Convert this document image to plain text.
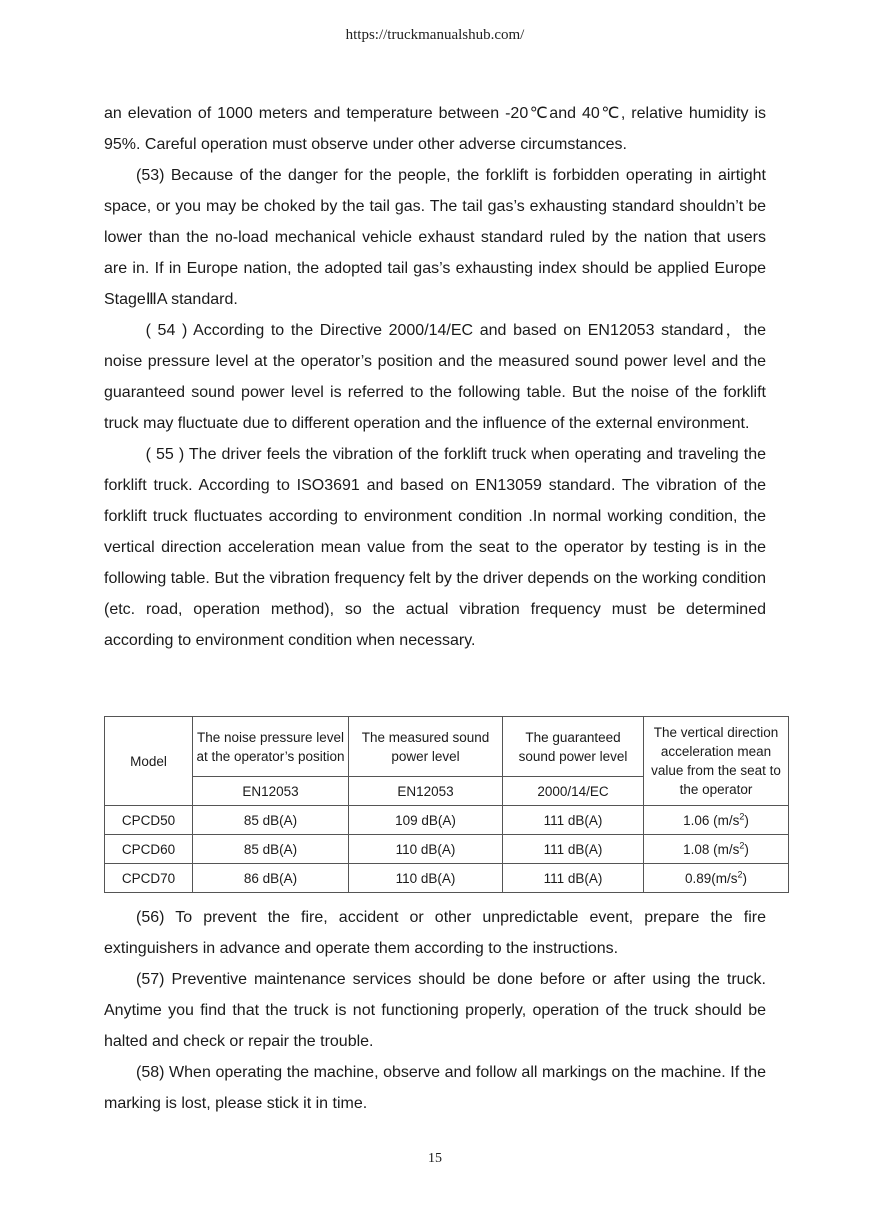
https://truckmanualshub.com/

an elevation of 1000 meters and temperature between -20℃and 40℃, relative humidity is 95%. Careful operation must observe under other adverse circumstances.

(53) Because of the danger for the people, the forklift is forbidden operating in airtight space, or you may be choked by the tail gas. The tail gas’s exhausting standard shouldn’t be lower than the no-load mechanical vehicle exhaust standard ruled by the nation that users are in. If in Europe nation, the adopted tail gas’s exhausting index should be applied Europe StageⅢA standard.

( 54 ) According to the Directive 2000/14/EC and based on EN12053 standard，the noise pressure level at the operator’s position and the measured sound power level and the guaranteed sound power level is referred to the following table. But the noise of the forklift truck may fluctuate due to different operation and the influence of the external environment.

( 55 ) The driver feels the vibration of the forklift truck when operating and traveling the forklift truck. According to ISO3691 and based on EN13059 standard. The vibration of the forklift truck fluctuates according to environment condition .In normal working condition, the vertical direction acceleration mean value from the seat to the operator by testing is in the following table. But the vibration frequency felt by the driver depends on the working condition (etc. road, operation method), so the actual vibration frequency must be determined according to environment condition when necessary.

Model	The noise pressure level at the operator’s position	The measured sound power level	The guaranteed sound power level	The vertical direction acceleration mean value from the seat to the operator
	EN12053	EN12053	2000/14/EC	
CPCD50	85 dB(A)	109 dB(A)	111 dB(A)	1.06 $(m/s^2)$
CPCD60	85 dB(A)	110 dB(A)	111 dB(A)	1.08 $(m/s^2)$
CPCD70	86 dB(A)	110 dB(A)	111 dB(A)	$0.89(m/s^2)$

(56) To prevent the fire, accident or other unpredictable event, prepare the fire extinguishers in advance and operate them according to the instructions.

(57) Preventive maintenance services should be done before or after using the truck. Anytime you find that the truck is not functioning properly, operation of the truck should be halted and check or repair the trouble.

(58) When operating the machine, observe and follow all markings on the machine. If the marking is lost, please stick it in time.

15
